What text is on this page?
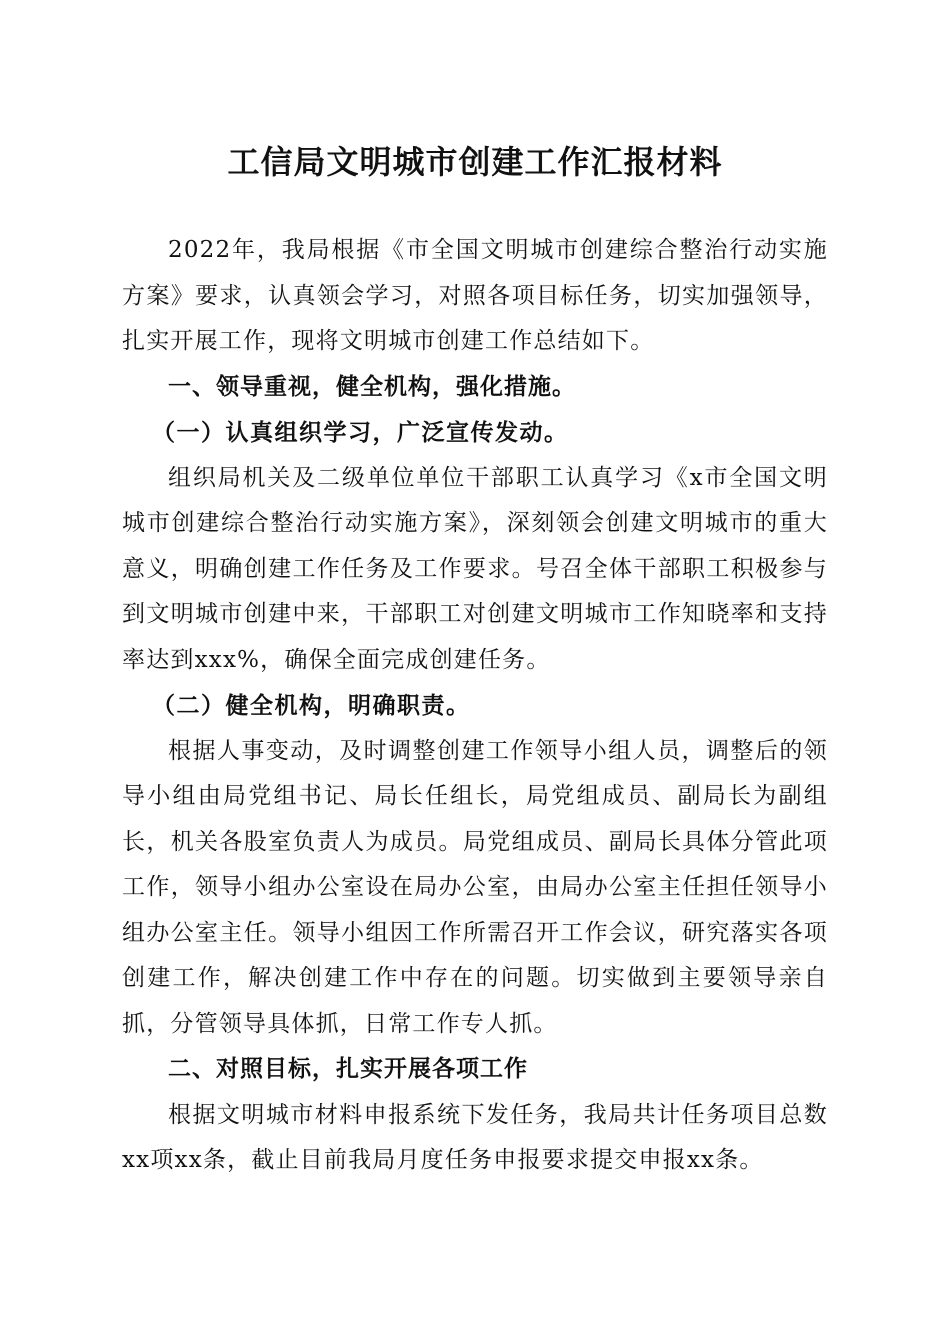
工信局文明城市创建工作汇报材料

2022年，我局根据《市全国文明城市创建综合整治行动实施方案》要求，认真领会学习，对照各项目标任务，切实加强领导，扎实开展工作，现将文明城市创建工作总结如下。

一、领导重视，健全机构，强化措施。

（一）认真组织学习，广泛宣传发动。

组织局机关及二级单位单位干部职工认真学习《x市全国文明城市创建综合整治行动实施方案》，深刻领会创建文明城市的重大意义，明确创建工作任务及工作要求。号召全体干部职工积极参与到文明城市创建中来，干部职工对创建文明城市工作知晓率和支持率达到xxx%，确保全面完成创建任务。

（二）健全机构，明确职责。

根据人事变动，及时调整创建工作领导小组人员，调整后的领导小组由局党组书记、局长任组长，局党组成员、副局长为副组长，机关各股室负责人为成员。局党组成员、副局长具体分管此项工作，领导小组办公室设在局办公室，由局办公室主任担任领导小组办公室主任。领导小组因工作所需召开工作会议，研究落实各项创建工作，解决创建工作中存在的问题。切实做到主要领导亲自抓，分管领导具体抓，日常工作专人抓。

二、对照目标，扎实开展各项工作

根据文明城市材料申报系统下发任务，我局共计任务项目总数xx项xx条，截止目前我局月度任务申报要求提交申报xx条。
